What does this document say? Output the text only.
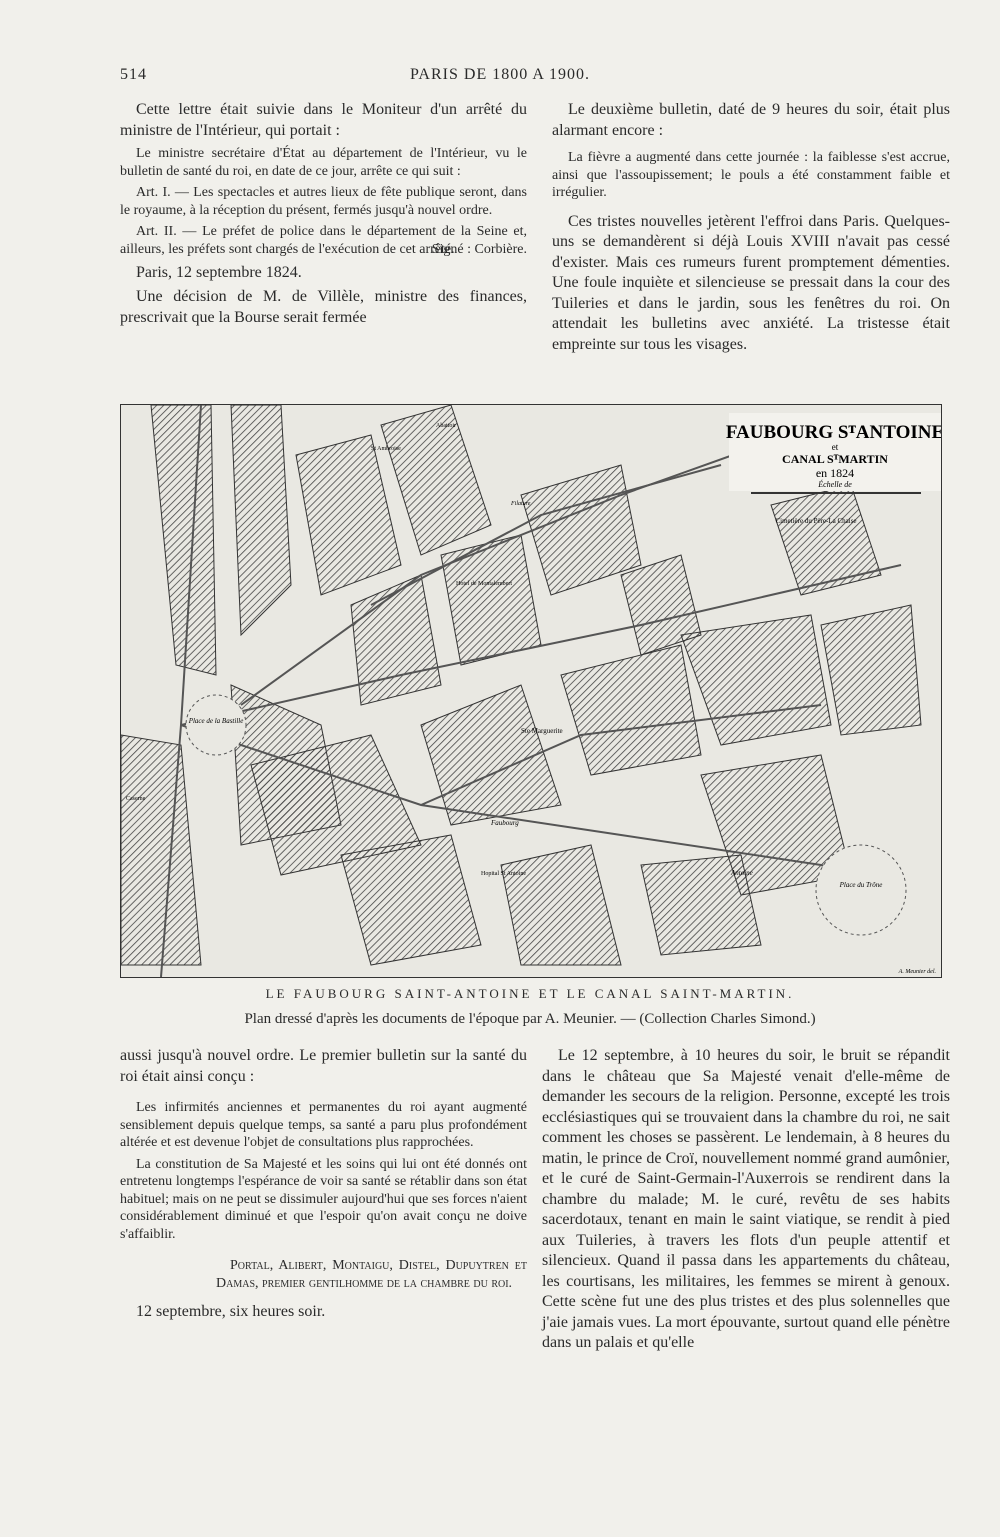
514	PARIS DE 1800 A 1900.

Cette lettre était suivie dans le Moniteur d'un arrêté du ministre de l'Intérieur, qui portait :

Le ministre secrétaire d'État au département de l'Intérieur, vu le bulletin de santé du roi, en date de ce jour, arrête ce qui suit :

Art. I. — Les spectacles et autres lieux de fête publique seront, dans le royaume, à la réception du présent, fermés jusqu'à nouvel ordre.

Art. II. — Le préfet de police dans le département de la Seine et, ailleurs, les préfets sont chargés de l'exécution de cet arrêté.

Signé : Corbière.

Paris, 12 septembre 1824.

Une décision de M. de Villèle, ministre des finances, prescrivait que la Bourse serait fermée

Le deuxième bulletin, daté de 9 heures du soir, était plus alarmant encore :

La fièvre a augmenté dans cette journée : la faiblesse s'est accrue, ainsi que l'assoupissement; le pouls a été constamment faible et irrégulier.

Ces tristes nouvelles jetèrent l'effroi dans Paris. Quelques-uns se demandèrent si déjà Louis XVIII n'avait pas cessé d'exister. Mais ces rumeurs furent promptement démenties. Une foule inquiète et silencieuse se pressait dans la cour des Tuileries et dans le jardin, sous les fenêtres du roi. On attendait les bulletins avec anxiété. La tristesse était empreinte sur tous les visages.

FAUBOURG SᵀANTOINE
et
CANAL SᵀMARTIN
en 1824
Échelle de
Cimetière du Père-La Chaise
Place de la Bastille
Ste Marguerite
Place du Trône
Abattoir
St Ambroise
Faubourg
Antoine
Hopital St Antoine
Filature
Hotel de Montalembert
Caserne
A. Meunier del.
LE FAUBOURG SAINT-ANTOINE ET LE CANAL SAINT-MARTIN.
Plan dressé d'après les documents de l'époque par A. Meunier. — (Collection Charles Simond.)

aussi jusqu'à nouvel ordre. Le premier bulletin sur la santé du roi était ainsi conçu :

Les infirmités anciennes et permanentes du roi ayant augmenté sensiblement depuis quelque temps, sa santé a paru plus profondément altérée et est devenue l'objet de consultations plus rapprochées.

La constitution de Sa Majesté et les soins qui lui ont été donnés ont entretenu longtemps l'espérance de voir sa santé se rétablir dans son état habituel; mais on ne peut se dissimuler aujourd'hui que ses forces n'aient considérablement diminué et que l'espoir qu'on avait conçu ne doive s'affaiblir.

Portal, Alibert, Montaigu, Distel, Dupuytren et Damas, premier gentilhomme de la chambre du roi.

12 septembre, six heures soir.

Le 12 septembre, à 10 heures du soir, le bruit se répandit dans le château que Sa Majesté venait d'elle-même de demander les secours de la religion. Personne, excepté les trois ecclésiastiques qui se trouvaient dans la chambre du roi, ne sait comment les choses se passèrent. Le lendemain, à 8 heures du matin, le prince de Croï, nouvellement nommé grand aumônier, et le curé de Saint-Germain-l'Auxerrois se rendirent dans la chambre du malade; M. le curé, revêtu de ses habits sacerdotaux, tenant en main le saint viatique, se rendit à pied aux Tuileries, à travers les flots d'un peuple attentif et silencieux. Quand il passa dans les appartements du château, les courtisans, les militaires, les femmes se mirent à genoux. Cette scène fut une des plus tristes et des plus solennelles que j'aie jamais vues. La mort épouvante, surtout quand elle pénètre dans un palais et qu'elle
